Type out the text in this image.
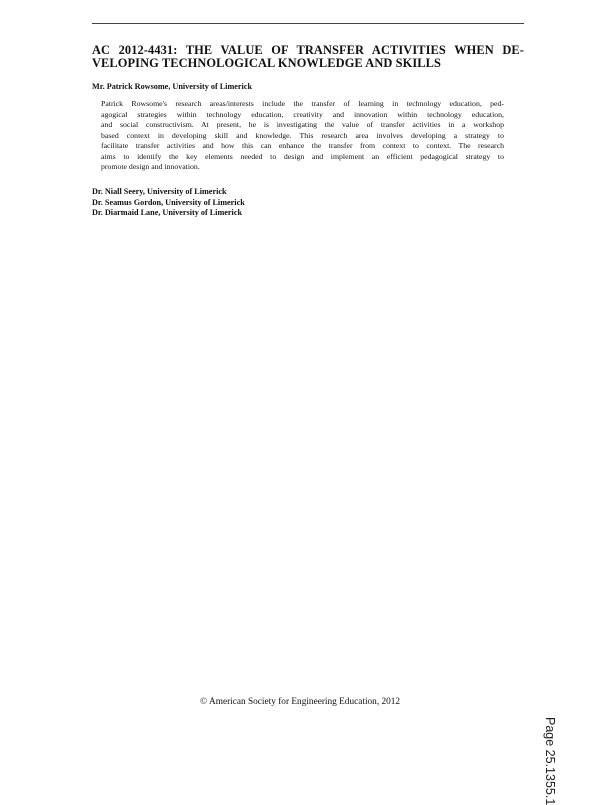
AC 2012-4431: THE VALUE OF TRANSFER ACTIVITIES WHEN DE-
VELOPING TECHNOLOGICAL KNOWLEDGE AND SKILLS
Mr. Patrick Rowsome, University of Limerick
Patrick Rowsome's research areas/interests include the transfer of learning in technology education, ped-
agogical strategies within technology education, creativity and innovation within technology education,
and social constructivism. At present, he is investigating the value of transfer activities in a workshop
based context in developing skill and knowledge. This research area involves developing a strategy to
facilitate transfer activities and how this can enhance the transfer from context to context. The research
aims to identify the key elements needed to design and implement an efficient pedagogical strategy to
promote design and innovation.
Dr. Niall Seery, University of Limerick
Dr. Seamus Gordon, University of Limerick
Dr. Diarmaid Lane, University of Limerick
© American Society for Engineering Education, 2012
Page 25.1355.1
